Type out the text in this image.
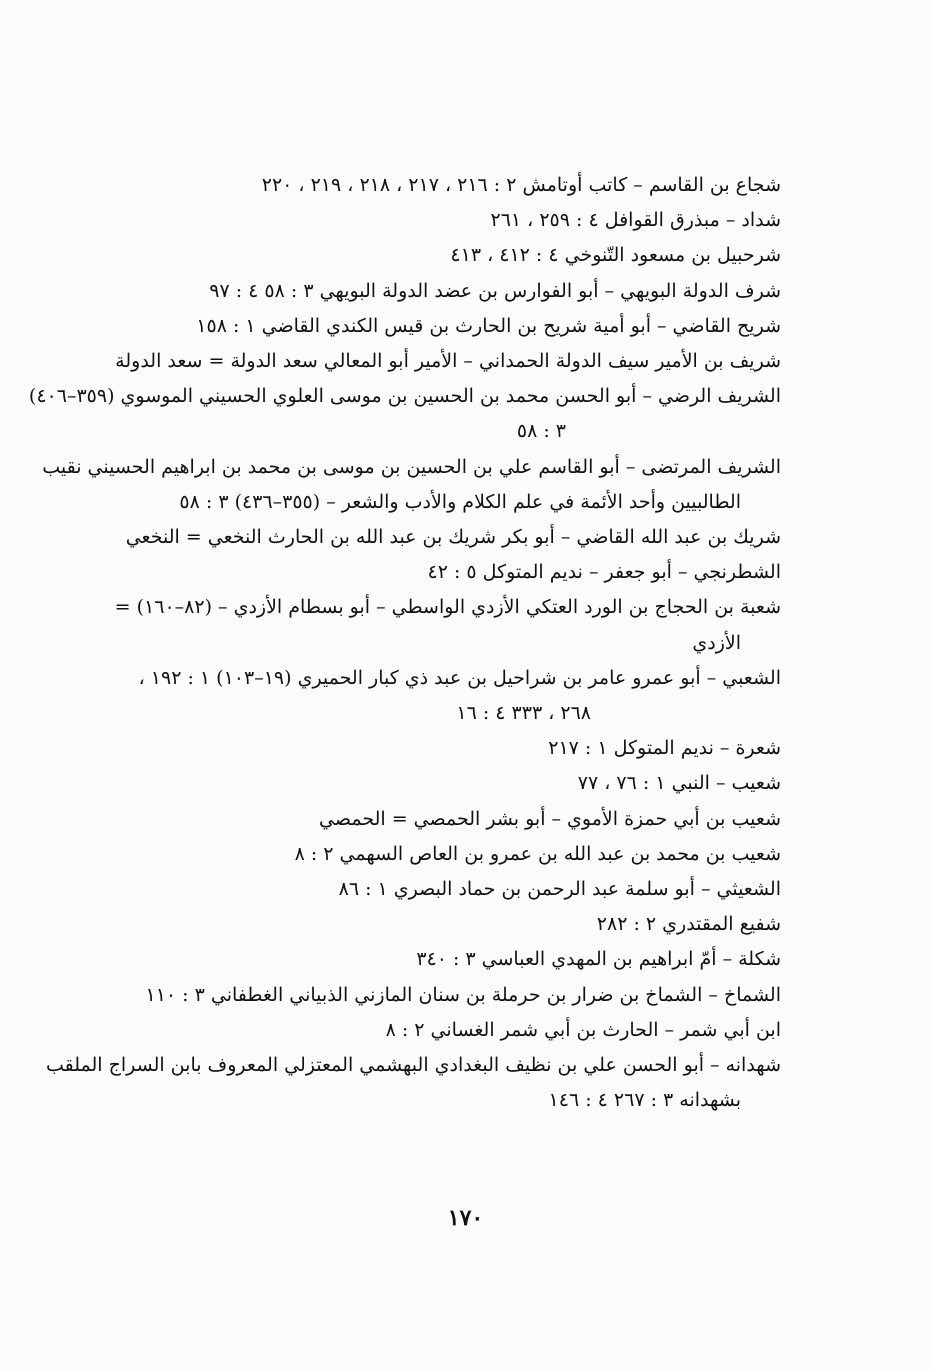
شجاع بن القاسم – كاتب أوتامش ٢ : ٢١٦ ، ٢١٧ ، ٢١٨ ، ٢١٩ ، ٢٢٠
شداد – مبذرق القوافل ٤ : ٢٥٩ ، ٢٦١
شرحبيل بن مسعود التّنوخي ٤ : ٤١٢ ، ٤١٣
شرف الدولة البويهي – أبو الفوارس بن عضد الدولة البويهي ٣ : ٥٨ ٤ : ٩٧
شريح القاضي – أبو أمية شريح بن الحارث بن قيس الكندي القاضي ١ : ١٥٨
شريف بن الأمير سيف الدولة الحمداني – الأمير أبو المعالي سعد الدولة = سعد الدولة
الشريف الرضي – أبو الحسن محمد بن الحسين بن موسى العلوي الحسيني الموسوي (٣٥٩–٤٠٦)
٣ : ٥٨
الشريف المرتضى – أبو القاسم علي بن الحسين بن موسى بن محمد بن ابراهيم الحسيني نقيب
الطالبيين وأحد الأئمة في علم الكلام والأدب والشعر – (٣٥٥–٤٣٦) ٣ : ٥٨
شريك بن عبد الله القاضي – أبو بكر شريك بن عبد الله بن الحارث النخعي = النخعي
الشطرنجي – أبو جعفر – نديم المتوكل ٥ : ٤٢
شعبة بن الحجاج بن الورد العتكي الأزدي الواسطي – أبو بسطام الأزدي – (٨٢–١٦٠) =
الأزدي
الشعبي – أبو عمرو عامر بن شراحيل بن عبد ذي كبار الحميري (١٩–١٠٣) ١ : ١٩٢ ،
٢٦٨ ، ٣٣٣ ٤ : ١٦
شعرة – نديم المتوكل ١ : ٢١٧
شعيب – النبي ١ : ٧٦ ، ٧٧
شعيب بن أبي حمزة الأموي – أبو بشر الحمصي = الحمصي
شعيب بن محمد بن عبد الله بن عمرو بن العاص السهمي ٢ : ٨
الشعيثي – أبو سلمة عبد الرحمن بن حماد البصري ١ : ٨٦
شفيع المقتدري ٢ : ٢٨٢
شكلة – أمّ ابراهيم بن المهدي العباسي ٣ : ٣٤٠
الشماخ – الشماخ بن ضرار بن حرملة بن سنان المازني الذبياني الغطفاني ٣ : ١١٠
ابن أبي شمر – الحارث بن أبي شمر الغساني ٢ : ٨
شهدانه – أبو الحسن علي بن نظيف البغدادي البهشمي المعتزلي المعروف بابن السراج الملقب
بشهدانه ٣ : ٢٦٧ ٤ : ١٤٦
١٧٠
